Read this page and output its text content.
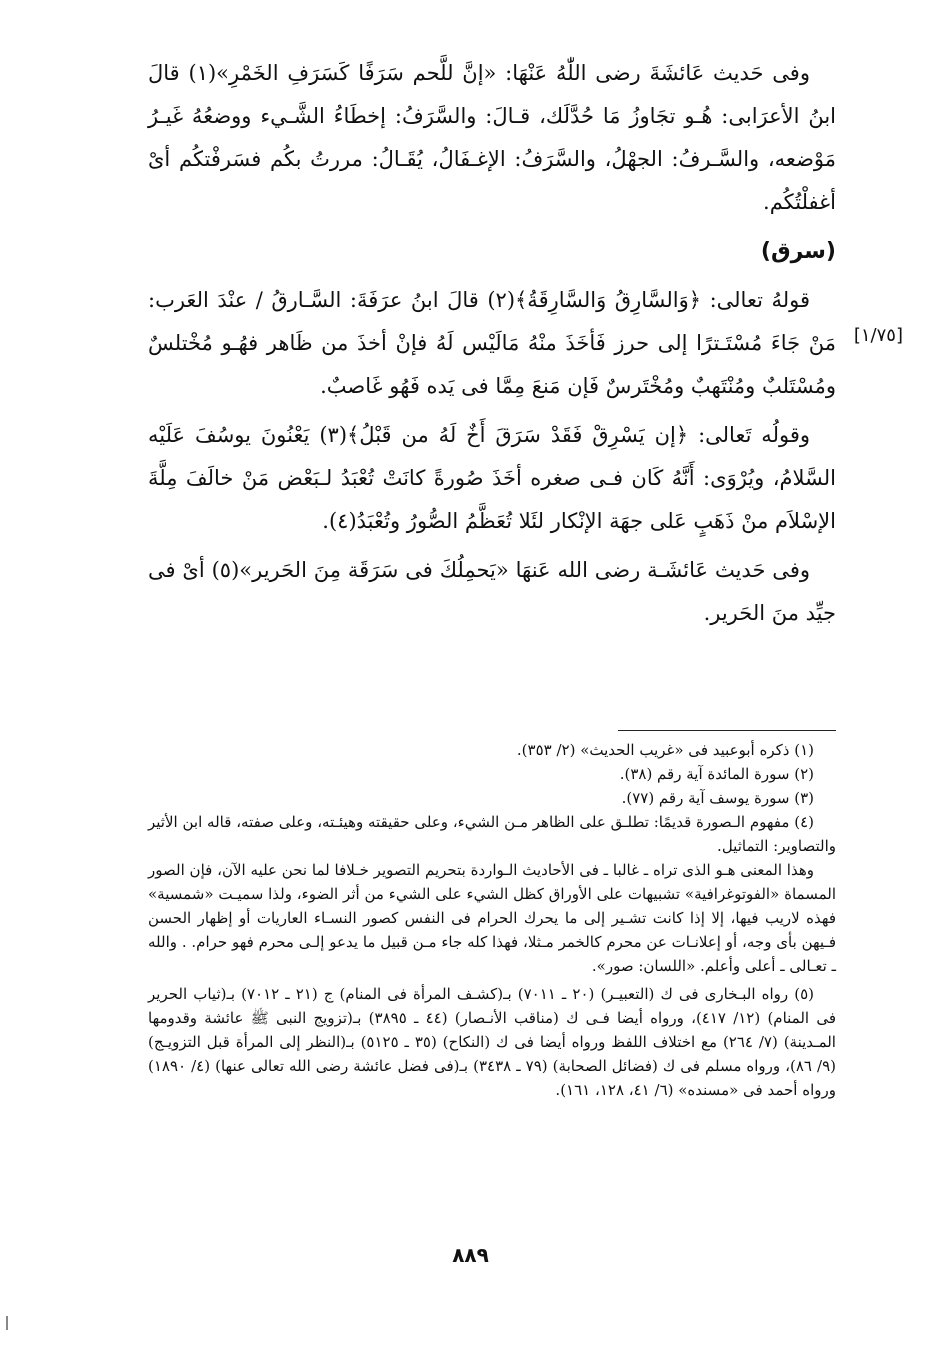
وفى حَديث عَائشَةَ رضى اللّٰهُ عَنْهَا: «إنَّ للَّحم سَرَفًا كَسَرَفِ الخَمْرِ»(١) قالَ ابنُ الأعرَابى: هُـو تجَاوزُ مَا حُدَّلَك، قـالَ: والسَّرَفُ: إخطَاءُ الشَّـيء ووضعُهُ غَيـرُ مَوْضعه، والسَّـرفُ: الجهْلُ، والسَّرَفُ: الإغـفَالُ، يُقَـالُ: مررتُ بكُم فسَرفْتكُم أىْ أغفلْتُكُم.

(سرق)

قولهُ تعالى: ﴿وَالسَّارِقُ وَالسَّارِقَةُ﴾(٢) قالَ ابنُ عرَفَةَ: السَّـارقُ / عنْدَ العَرب: مَنْ جَاءَ مُسْتَـترًا إلى حرز فَأخَذَ منْهُ مَالَيْس لَهُ فإنْ أخذَ من ظَاهر فهُـو مُخْتلسٌ ومُسْتَلبٌ ومُنْتَهبٌ ومُخْتَرسٌ فَإن مَنعَ مِمَّا فى يَده فَهُو غَاصبٌ.

وقولُه تَعالى: ﴿إن يَسْرِقْ فَقَدْ سَرَقَ أَخٌ لَهُ من قَبْلُ﴾(٣) يَعْنُونَ يوسُفَ عَلَيْه السَّلامُ، ويُرْوَى: أَنَّهُ كَان فـى صغره أخَذَ صُورةً كانَتْ تُعْبَدُ لـبَعْض مَنْ خالَفَ مِلَّةَ الإسْلاَم منْ ذَهَبٍ عَلى جهَة الإنْكار لئَلا تُعَظَّمُ الصُّورُ وتُعْبَدُ(٤).

وفى حَديث عَائشَـة رضى الله عَنهَا «يَحمِلُكَ فى سَرَقَة مِنَ الحَرير»(٥) أىْ فى جيِّد منَ الحَرير.

[١/٧٥]

(١) ذكره أبوعبيد فى «غريب الحديث» (٢/ ٣٥٣).

(٢) سورة المائدة آية رقم (٣٨).

(٣) سورة يوسف آية رقم (٧٧).

(٤) مفهوم الـصورة قديمًا: تطلـق على الظاهر مـن الشيء، وعلى حقيقته وهيئـته، وعلى صفته، قاله ابن الأثير والتصاوير: التماثيل.

وهذا المعنى هـو الذى تراه ـ غالبا ـ فى الأحاديث الـواردة بتحريم التصوير خـلافا لما نحن عليه الآن، فإن الصور المسماة «الفوتوغرافية» تشبيهات على الأوراق كظل الشيء على الشيء من أثر الضوء، ولذا سميـت «شمسية» فهذه لاريب فيها، إلا إذا كانت تشـير إلى ما يحرك الحرام فى النفس كصور النسـاء العاريات أو إظهار الحسن فـيهن بأى وجه، أو إعلانـات عن محرم كالخمر مـثلا، فهذا كله جاء مـن قبيل ما يدعو إلـى محرم فهو حرام. . والله ـ تعـالى ـ أعلى وأعلم. «اللسان: صور».

(٥) رواه البـخارى فى ك (التعبيـر) (٢٠ ـ ٧٠١١) بـ(كشـف المرأة فى المنام) ج (٢١ ـ ٧٠١٢) بـ(ثياب الحرير فى المنام) (١٢/ ٤١٧)، ورواه أيضا فـى ك (مناقب الأنـصار) (٤٤ ـ ٣٨٩٥) بـ(تزويج النبى ﷺ عائشة وقدومها المـدينة) (٧/ ٢٦٤) مع اختلاف اللفظ ورواه أيضا فى ك (النكاح) (٣٥ ـ ٥١٢٥) بـ(النظر إلى المرأة قبل التزويـج) (٩/ ٨٦)، ورواه مسلم فى ك (فضائل الصحابة) (٧٩ ـ ٣٤٣٨) بـ(فى فضل عائشة رضى الله تعالى عنها) (٤/ ١٨٩٠) ورواه أحمد فى «مسنده» (٦/ ٤١، ١٢٨، ١٦١).

٨٨٩
